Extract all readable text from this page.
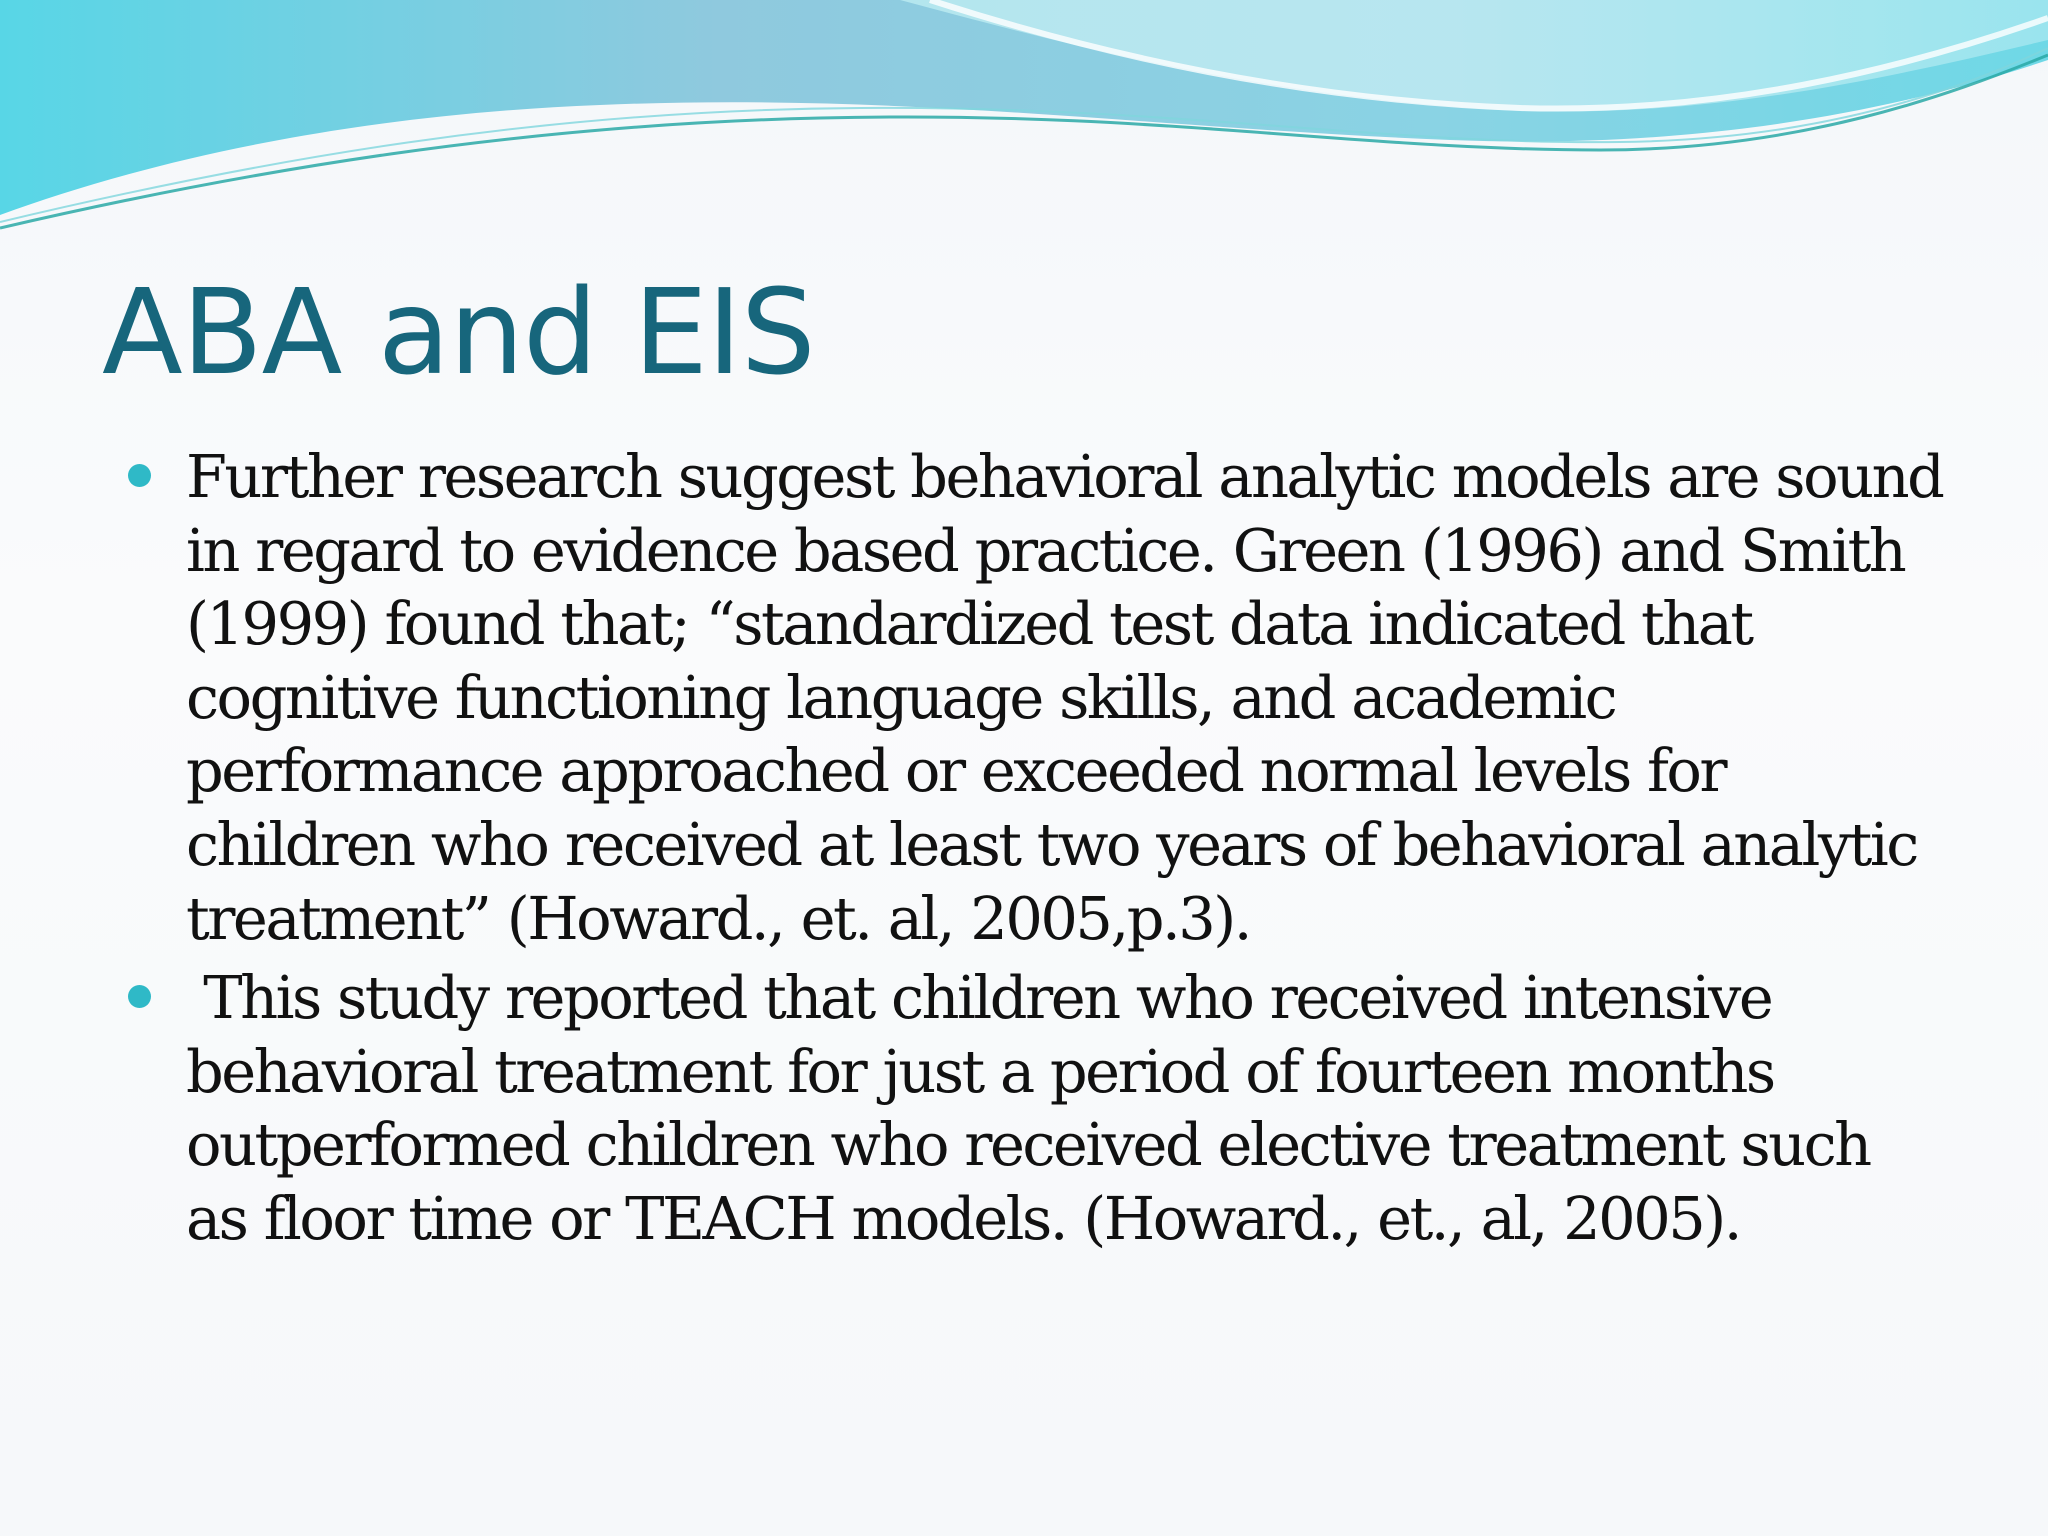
ABA and EIS
Further research suggest behavioral analytic models are sound in regard to evidence based practice. Green (1996) and Smith (1999) found that; “standardized test data indicated that cognitive functioning language skills, and academic performance approached or exceeded normal levels for children who received at least two years of behavioral analytic treatment” (Howard., et. al, 2005,p.3).
This study reported that children who received intensive behavioral treatment for just a period of fourteen months outperformed children who received elective treatment such as floor time or TEACH models. (Howard., et., al, 2005).
